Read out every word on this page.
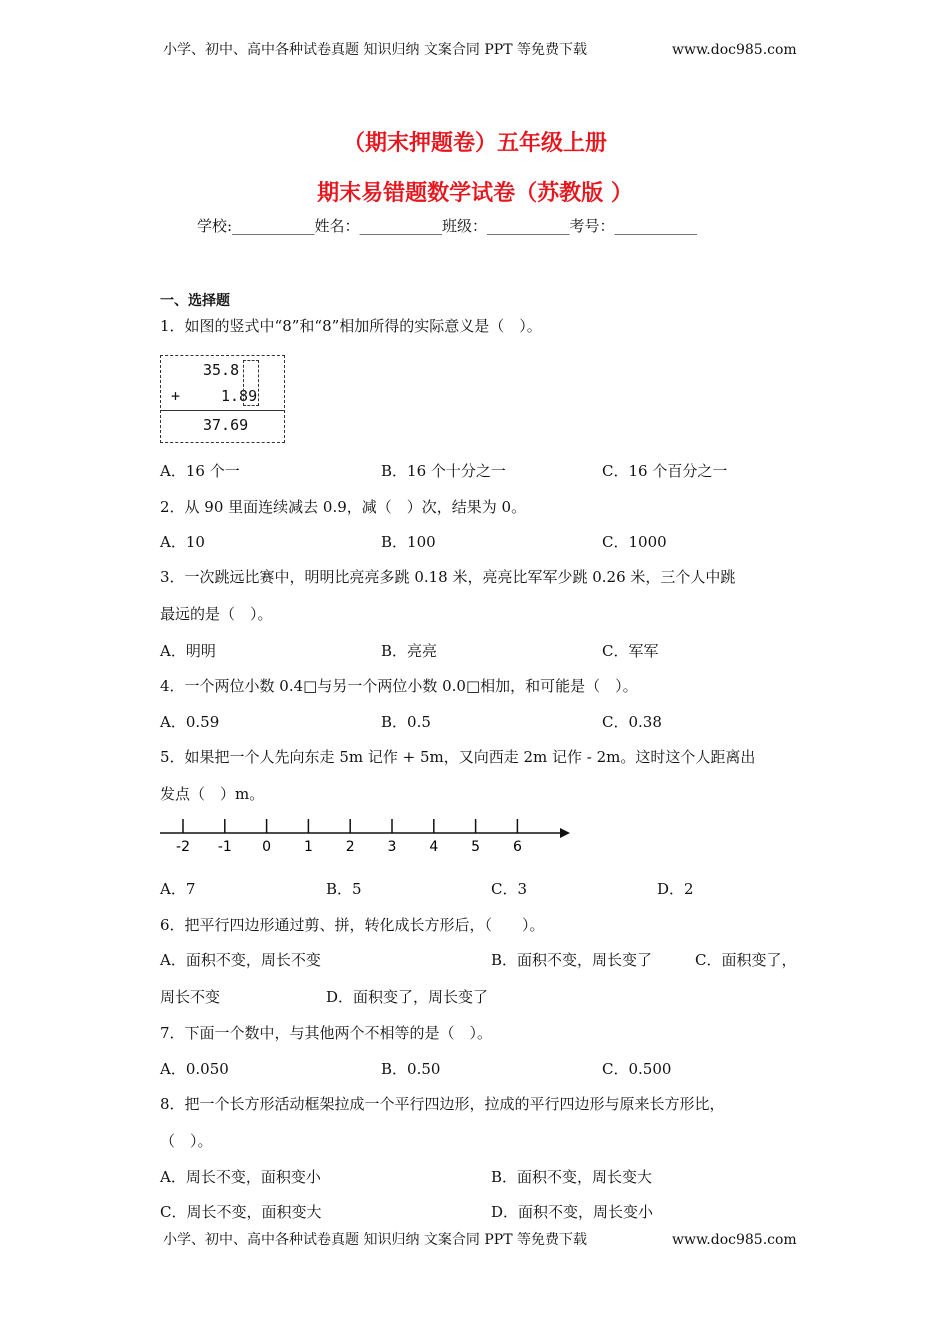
小学、初中、高中各种试卷真题 知识归纳 文案合同 PPT 等免费下载	www.doc985.com
（期末押题卷）五年级上册
期末易错题数学试卷（苏教版 ）
学校:___________姓名：___________班级：___________考号：___________
一、选择题
1．如图的竖式中“8”和“8”相加所得的实际意义是（　）。
35.8
+	1.89
37.69
A．16 个一	B．16 个十分之一	C．16 个百分之一
2．从 90 里面连续减去 0.9，减（　）次，结果为 0。
A．10	B．100	C．1000
3．一次跳远比赛中，明明比亮亮多跳 0.18 米，亮亮比军军少跳 0.26 米，三个人中跳
最远的是（　）。
A．明明	B．亮亮	C．军军
4．一个两位小数 0.4□与另一个两位小数 0.0□相加，和可能是（　）。
A．0.59	B．0.5	C．0.38
5．如果把一个人先向东走 5m 记作 + 5m，又向西走 2m 记作 - 2m。这时这个人距离出
发点（　）m。
-2 -1 0 1 2 3 4 5 6
A．7	B．5	C．3	D．2
6．把平行四边形通过剪、拼，转化成长方形后，（　　）。
A．面积不变，周长不变	B．面积不变，周长变了	C．面积变了，
周长不变	D．面积变了，周长变了
7．下面一个数中，与其他两个不相等的是（　）。
A．0.050	B．0.50	C．0.500
8．把一个长方形活动框架拉成一个平行四边形，拉成的平行四边形与原来长方形比，
（　）。
A．周长不变，面积变小	B．面积不变，周长变大
C．周长不变，面积变大	D．面积不变，周长变小
小学、初中、高中各种试卷真题 知识归纳 文案合同 PPT 等免费下载	www.doc985.com
